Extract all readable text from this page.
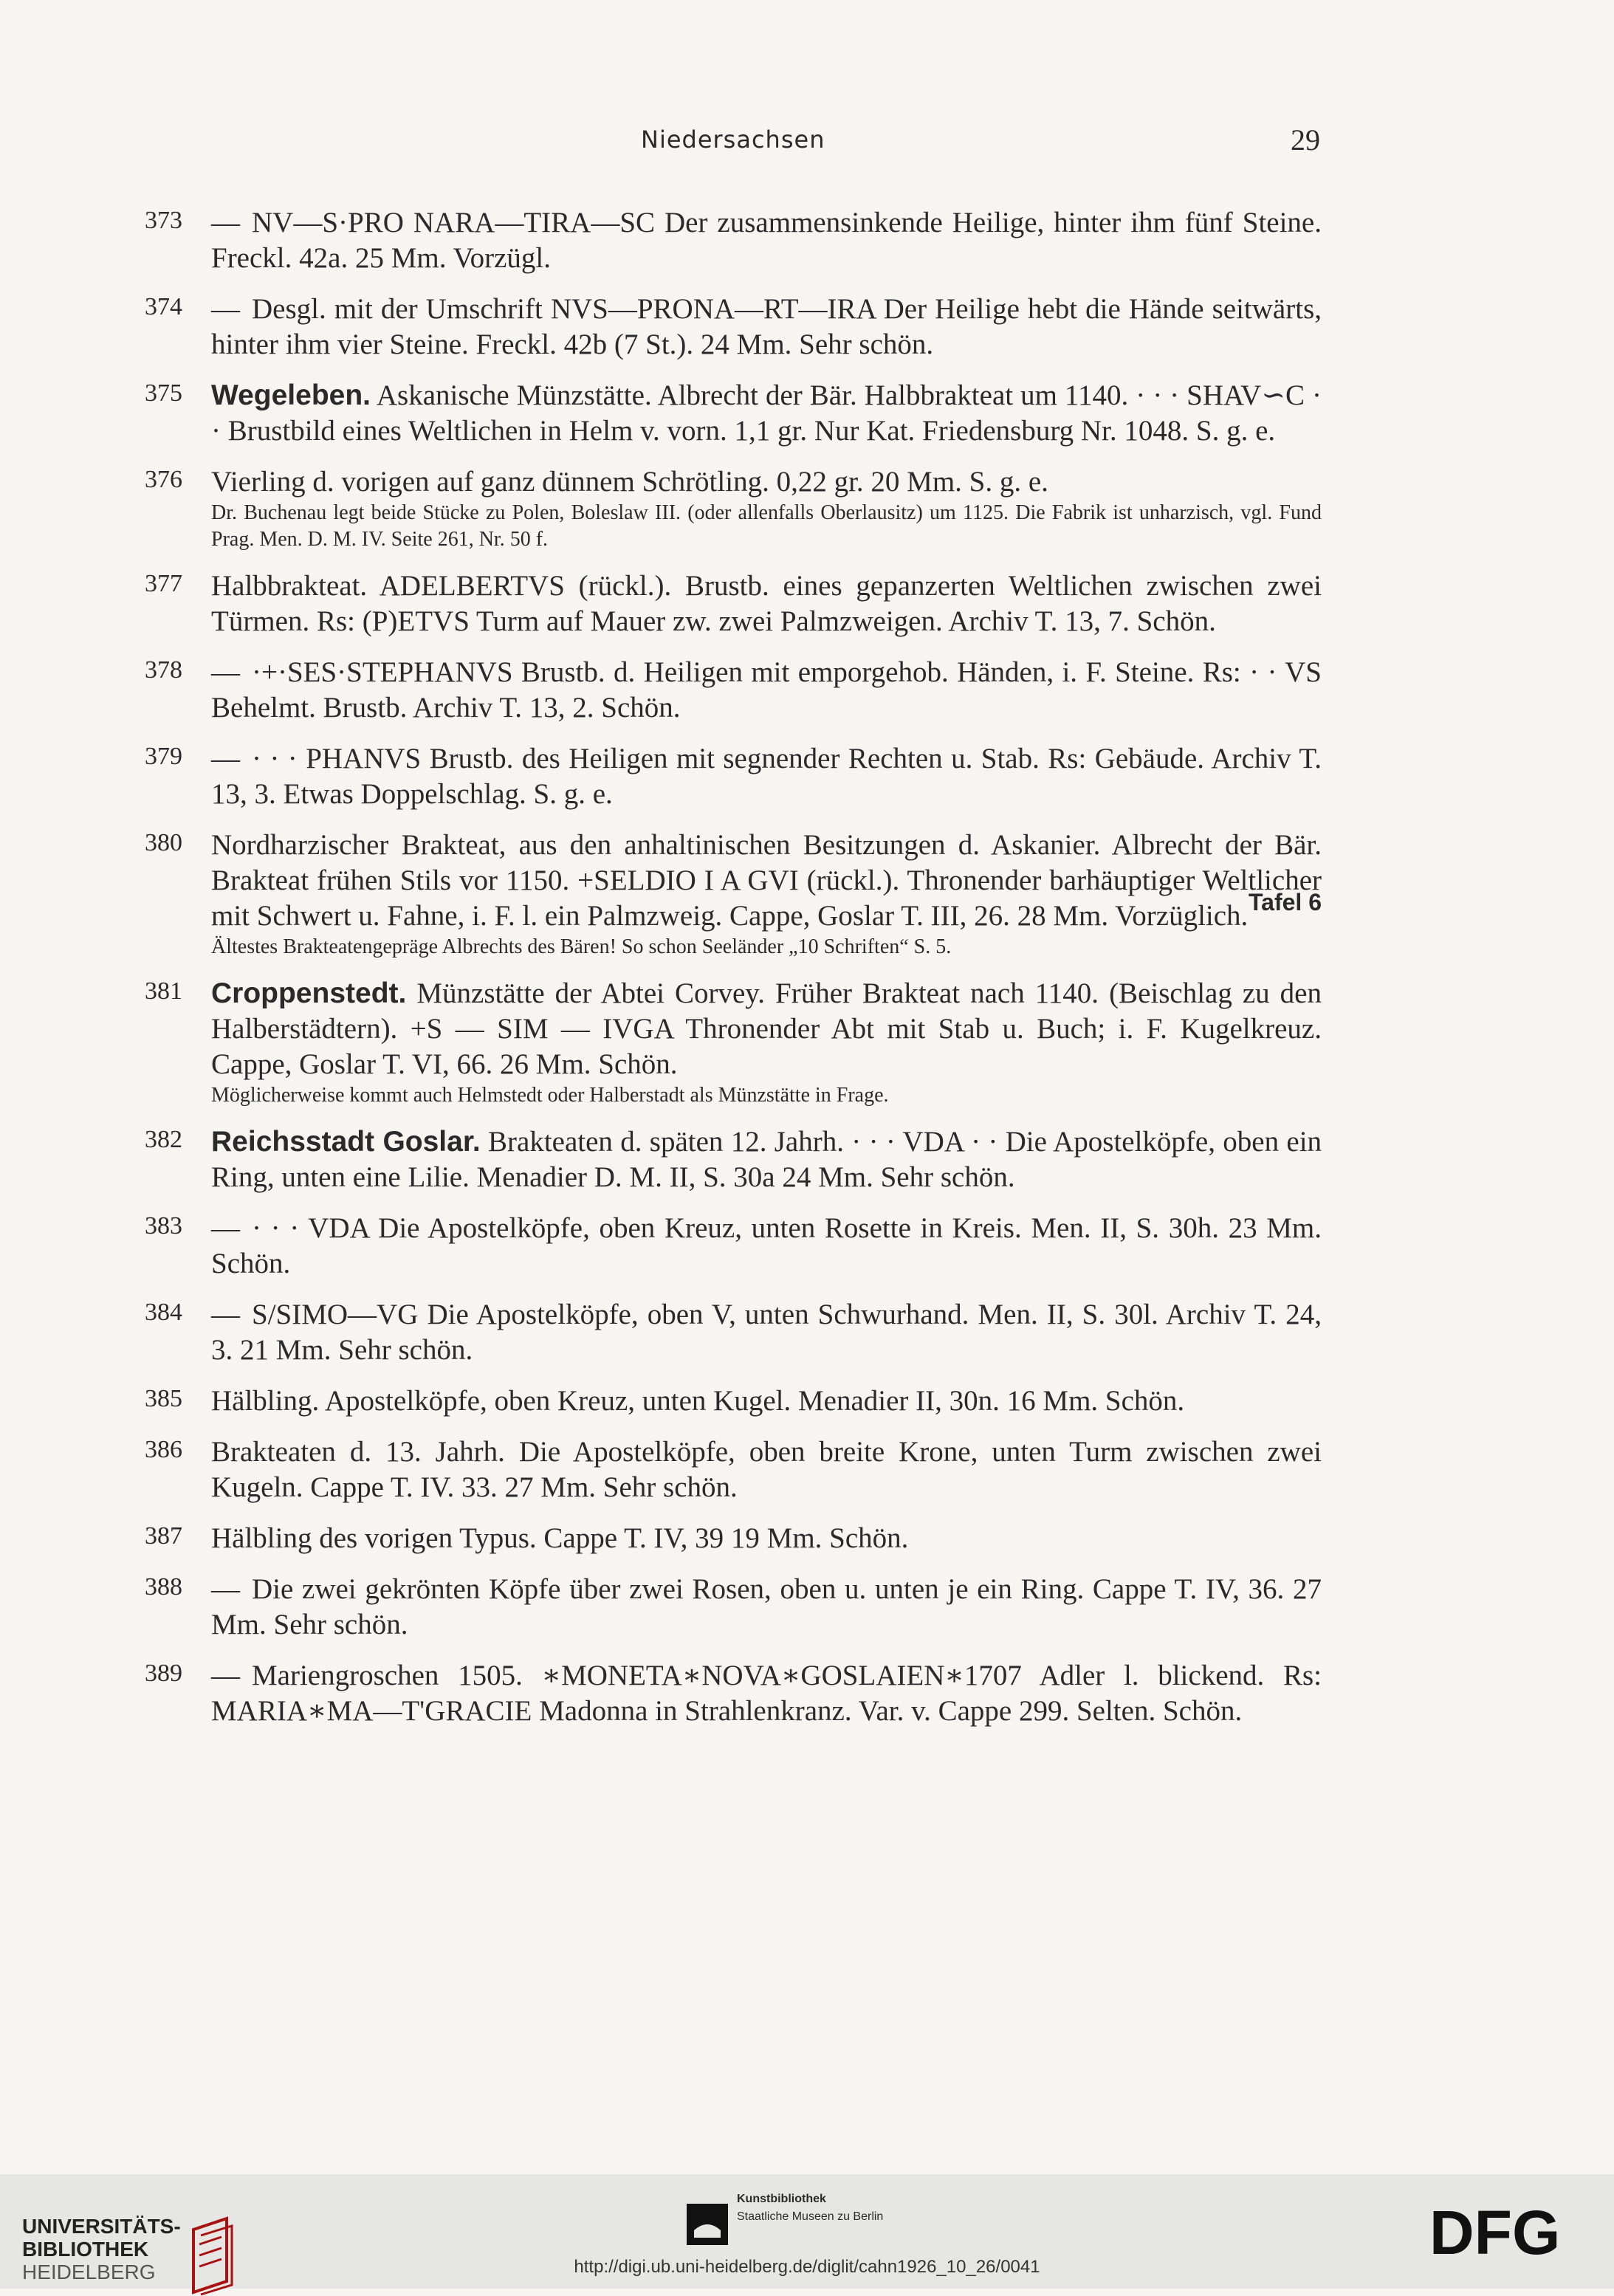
Niedersachsen	29
373	— NV—S·PRO NARA—TIRA—SC Der zusammensinkende Heilige, hinter ihm fünf Steine. Freckl. 42a. 25 Mm. Vorzügl.
374	— Desgl. mit der Umschrift NVS—PRONA—RT—IRA Der Heilige hebt die Hände seitwärts, hinter ihm vier Steine. Freckl. 42b (7 St.). 24 Mm. Sehr schön.
375	Wegeleben. Askanische Münzstätte. Albrecht der Bär. Halbbrakteat um 1140. · · · SHAV∽C · · Brustbild eines Weltlichen in Helm v. vorn. 1,1 gr. Nur Kat. Friedensburg Nr. 1048. S. g. e.
376	Vierling d. vorigen auf ganz dünnem Schrötling. 0,22 gr. 20 Mm. S. g. e.
Dr. Buchenau legt beide Stücke zu Polen, Boleslaw III. (oder allenfalls Oberlausitz) um 1125. Die Fabrik ist unharzisch, vgl. Fund Prag. Men. D. M. IV. Seite 261, Nr. 50 f.
377	Halbbrakteat. ADELBERTVS (rückl.). Brustb. eines gepanzerten Weltlichen zwischen zwei Türmen. Rs: (P)ETVS Turm auf Mauer zw. zwei Palmzweigen. Archiv T. 13, 7. Schön.
378	— ·+·SES·STEPHANVS Brustb. d. Heiligen mit emporgehob. Händen, i. F. Steine. Rs: · · VS Behelmt. Brustb. Archiv T. 13, 2. Schön.
379	— · · · PHANVS Brustb. des Heiligen mit segnender Rechten u. Stab. Rs: Gebäude. Archiv T. 13, 3. Etwas Doppelschlag. S. g. e.
380	Nordharzischer Brakteat, aus den anhaltinischen Besitzungen d. Askanier. Albrecht der Bär. Brakteat frühen Stils vor 1150. +SELDIO I A GVI (rückl.). Thronender barhäuptiger Weltlicher mit Schwert u. Fahne, i. F. l. ein Palmzweig. Cappe, Goslar T. III, 26. 28 Mm. Vorzüglich. Tafel 6
Ältestes Brakteatengepräge Albrechts des Bären! So schon Seeländer „10 Schriften“ S. 5.
381	Croppenstedt. Münzstätte der Abtei Corvey. Früher Brakteat nach 1140. (Beischlag zu den Halberstädtern). +S — SIM — IVGA Thronender Abt mit Stab u. Buch; i. F. Kugelkreuz. Cappe, Goslar T. VI, 66. 26 Mm. Schön.
Möglicherweise kommt auch Helmstedt oder Halberstadt als Münzstätte in Frage.
382	Reichsstadt Goslar. Brakteaten d. späten 12. Jahrh. · · · VDA · · Die Apostelköpfe, oben ein Ring, unten eine Lilie. Menadier D. M. II, S. 30a 24 Mm. Sehr schön.
383	— · · · VDA Die Apostelköpfe, oben Kreuz, unten Rosette in Kreis. Men. II, S. 30h. 23 Mm. Schön.
384	— S/SIMO—VG Die Apostelköpfe, oben V, unten Schwurhand. Men. II, S. 30l. Archiv T. 24, 3. 21 Mm. Sehr schön.
385	Hälbling. Apostelköpfe, oben Kreuz, unten Kugel. Menadier II, 30n. 16 Mm. Schön.
386	Brakteaten d. 13. Jahrh. Die Apostelköpfe, oben breite Krone, unten Turm zwischen zwei Kugeln. Cappe T. IV. 33. 27 Mm. Sehr schön.
387	Hälbling des vorigen Typus. Cappe T. IV, 39 19 Mm. Schön.
388	— Die zwei gekrönten Köpfe über zwei Rosen, oben u. unten je ein Ring. Cappe T. IV, 36. 27 Mm. Sehr schön.
389	— Mariengroschen 1505. ∗MONETA∗NOVA∗GOSLAIEN∗1707 Adler l. blickend. Rs: MARIA∗MA—T'GRACIE Madonna in Strahlenkranz. Var. v. Cappe 299. Selten. Schön.
UNIVERSITÄTS-
BIBLIOTHEK
HEIDELBERG
Kunstbibliothek
Staatliche Museen zu Berlin	DFG
http://digi.ub.uni-heidelberg.de/diglit/cahn1926_10_26/0041
